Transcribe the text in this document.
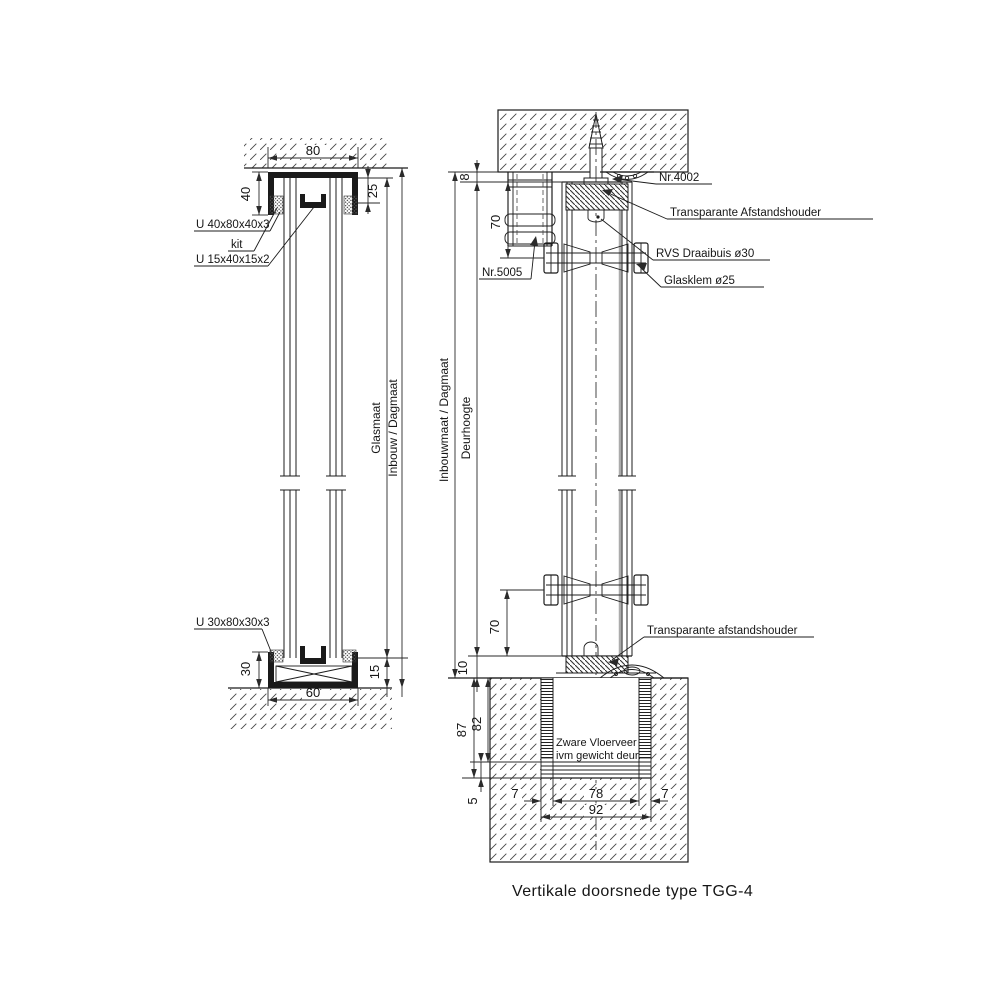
80
40	25
U 40x80x40x3
kit
U 15x40x15x2
U 30x80x30x3
30
60
Glasmaat
15
Inbouw / Dagmaat
Zware Vloerveer
ivm gewicht deur.
Nr.4002
Transparante Afstandshouder
RVS Draaibuis ø30
Glasklem ø25
Nr.5005
Transparante afstandshouder
Inbouwmaat / Dagmaat
8
Deurhoogte
10
70
70
87 82
5	78
7	7
92
Vertikale doorsnede type TGG-4
